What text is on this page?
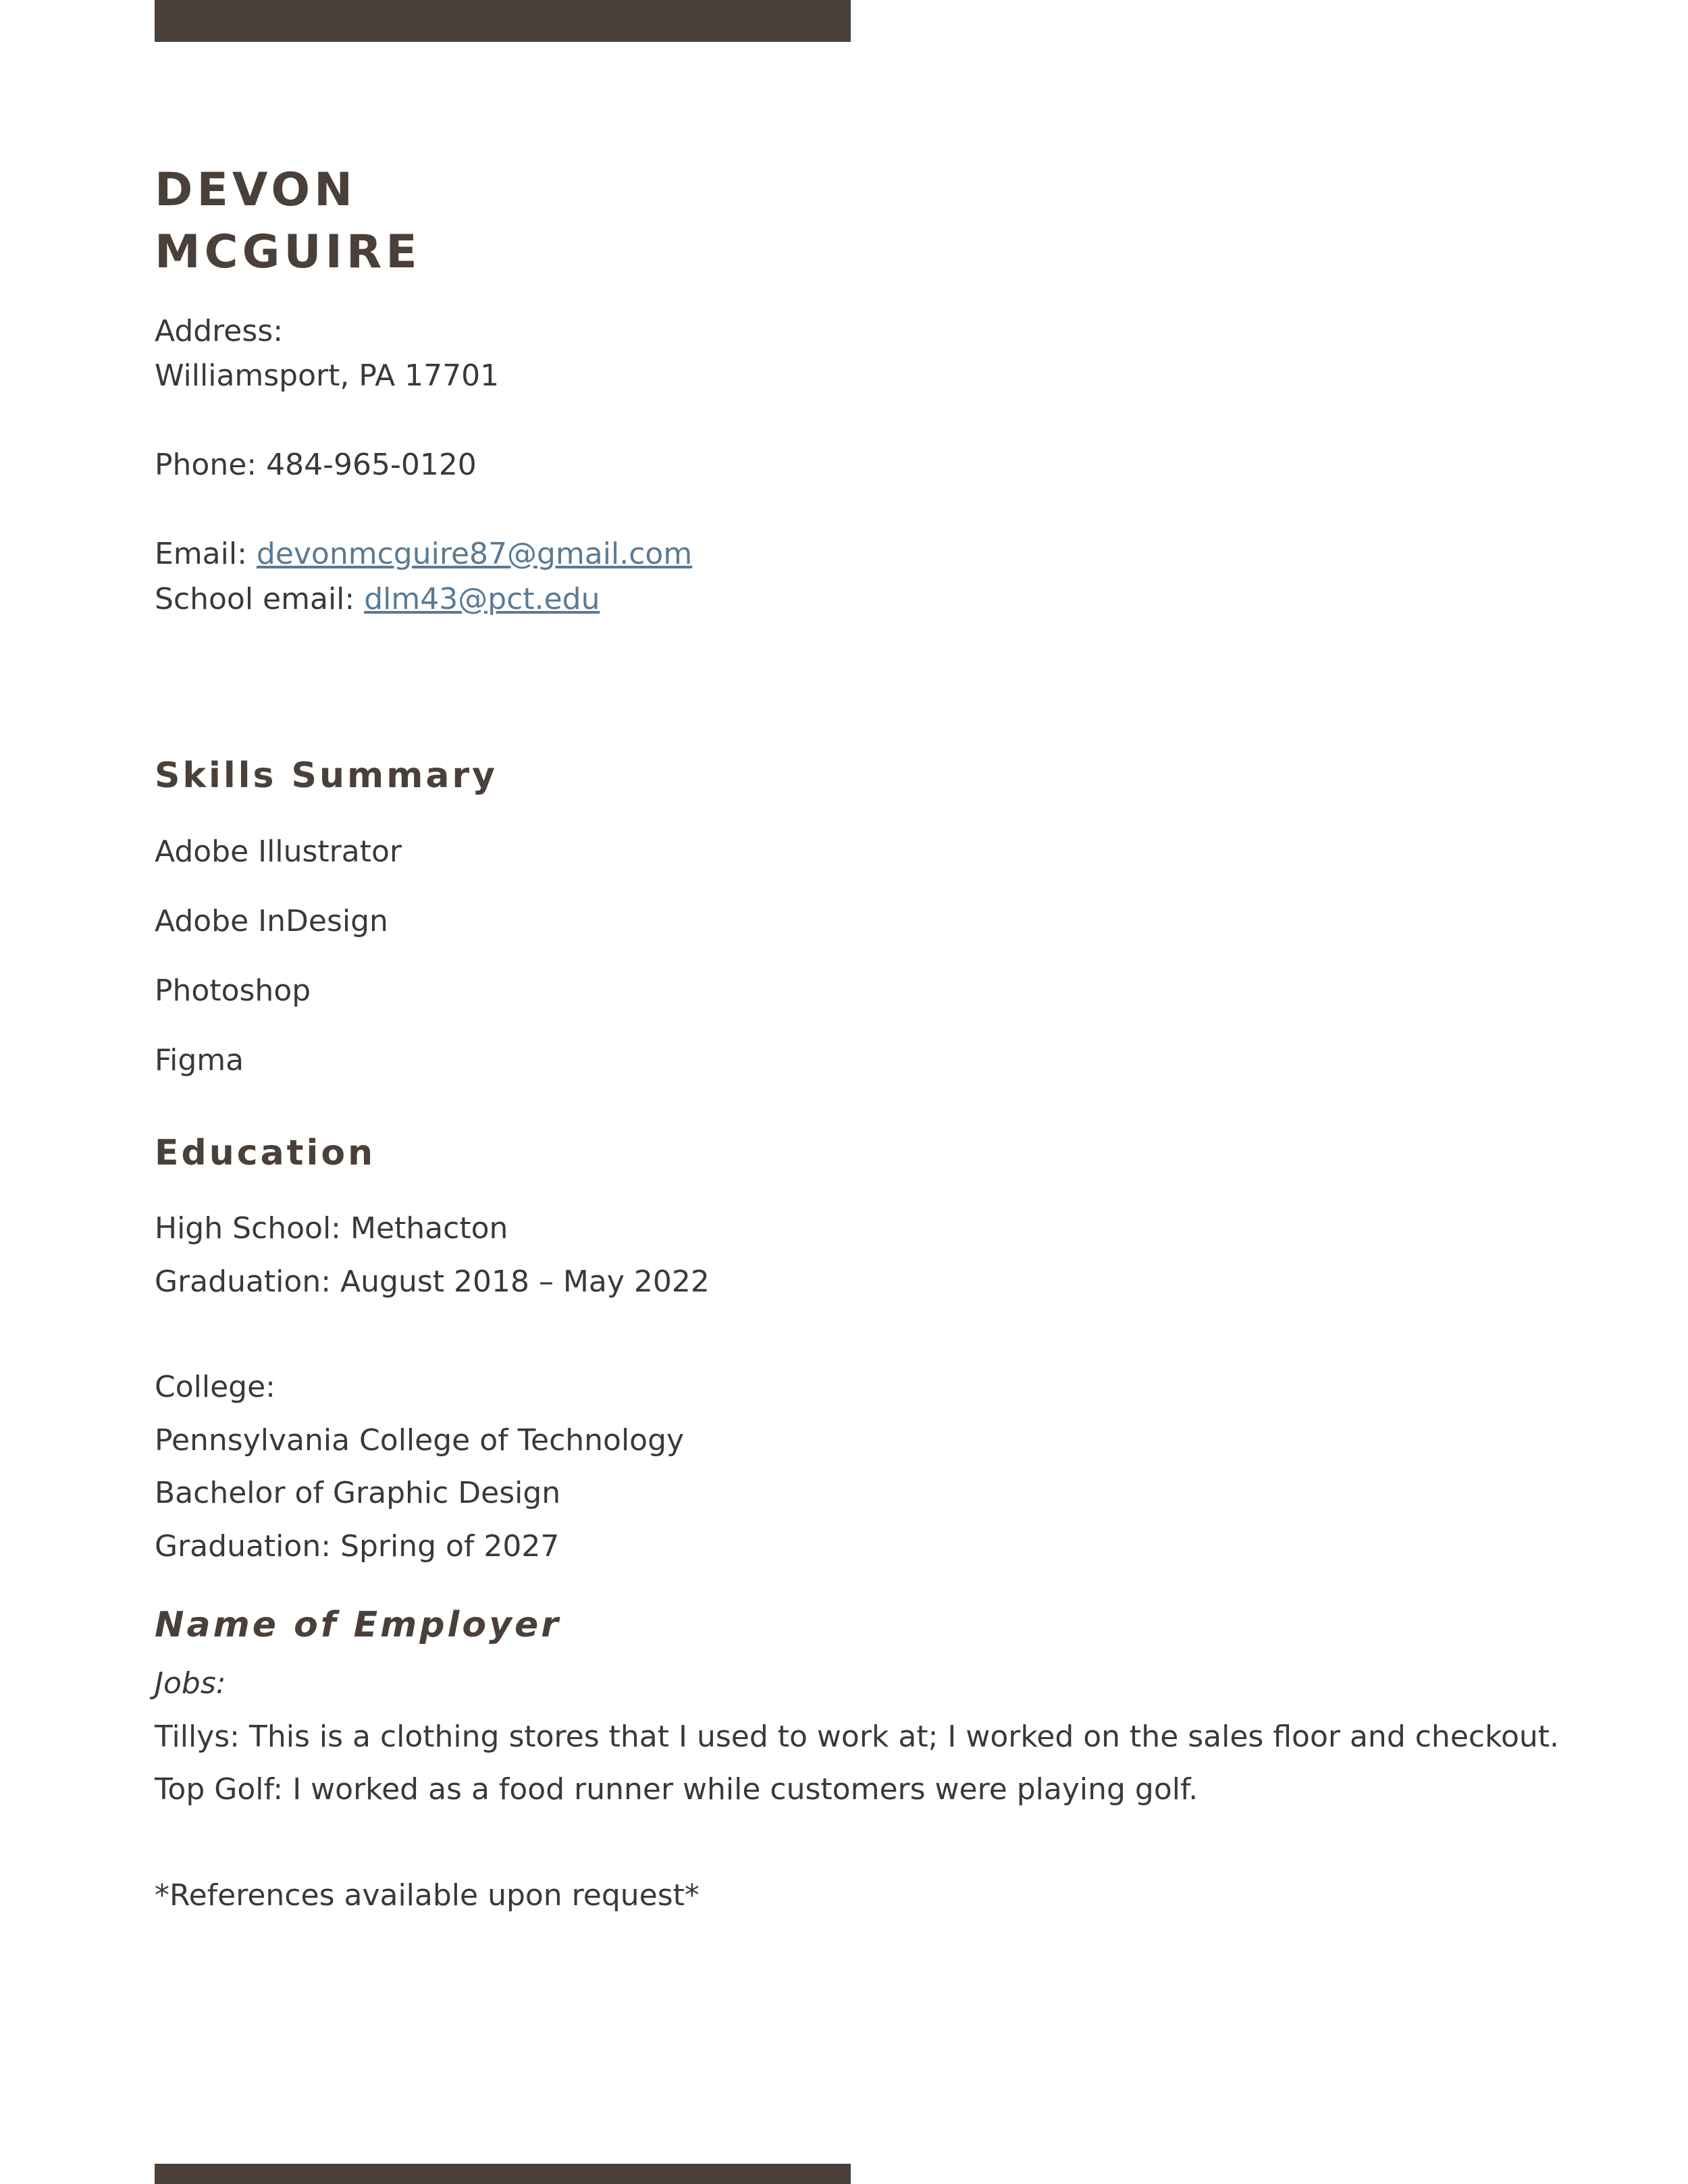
DEVON
MCGUIRE
Address:
Williamsport, PA 17701
Phone: 484-965-0120
Email: devonmcguire87@gmail.com
School email: dlm43@pct.edu
Skills Summary
Adobe Illustrator
Adobe InDesign
Photoshop
Figma
Education
High School: Methacton
Graduation: August 2018 – May 2022
College:
Pennsylvania College of Technology
Bachelor of Graphic Design
Graduation: Spring of 2027
Name of Employer
Jobs:
Tillys: This is a clothing stores that I used to work at; I worked on the sales floor and checkout.
Top Golf: I worked as a food runner while customers were playing golf.
*References available upon request*
